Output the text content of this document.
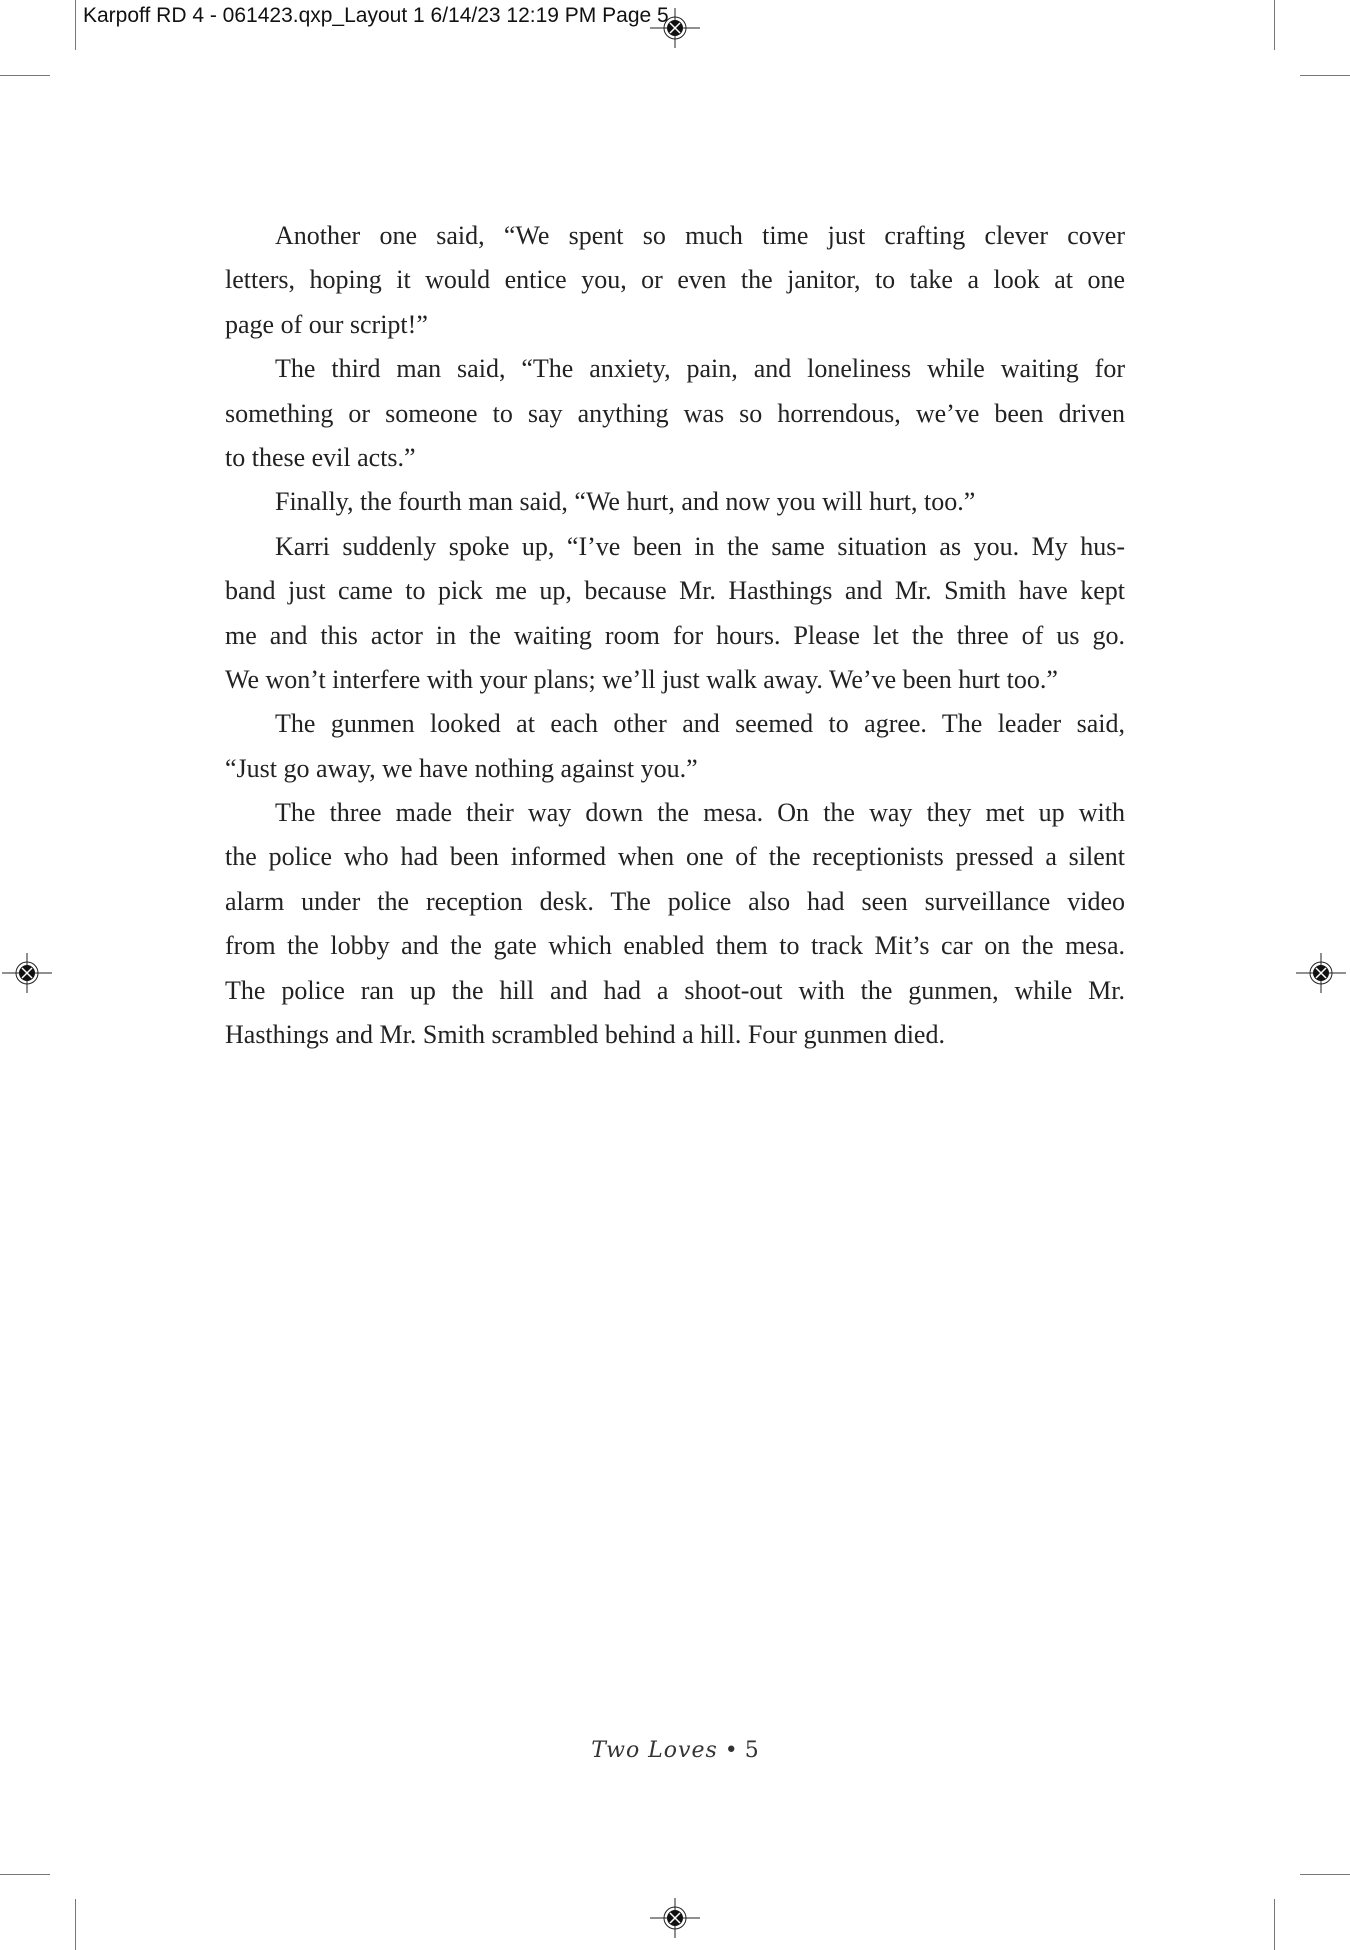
Karpoff RD 4 - 061423.qxp_Layout 1 6/14/23 12:19 PM Page 5
Another one said, “We spent so much time just crafting clever cover
letters, hoping it would entice you, or even the janitor, to take a look at one
page of our script!”
The third man said, “The anxiety, pain, and loneliness while waiting for
something or someone to say anything was so horrendous, we’ve been driven
to these evil acts.”
Finally, the fourth man said, “We hurt, and now you will hurt, too.”
Karri suddenly spoke up, “I’ve been in the same situation as you. My hus-
band just came to pick me up, because Mr. Hasthings and Mr. Smith have kept
me and this actor in the waiting room for hours. Please let the three of us go.
We won’t interfere with your plans; we’ll just walk away. We’ve been hurt too.”
The gunmen looked at each other and seemed to agree. The leader said,
“Just go away, we have nothing against you.”
The three made their way down the mesa. On the way they met up with
the police who had been informed when one of the receptionists pressed a silent
alarm under the reception desk. The police also had seen surveillance video
from the lobby and the gate which enabled them to track Mit’s car on the mesa.
The police ran up the hill and had a shoot-out with the gunmen, while Mr.
Hasthings and Mr. Smith scrambled behind a hill. Four gunmen died.
Two Loves • 5
